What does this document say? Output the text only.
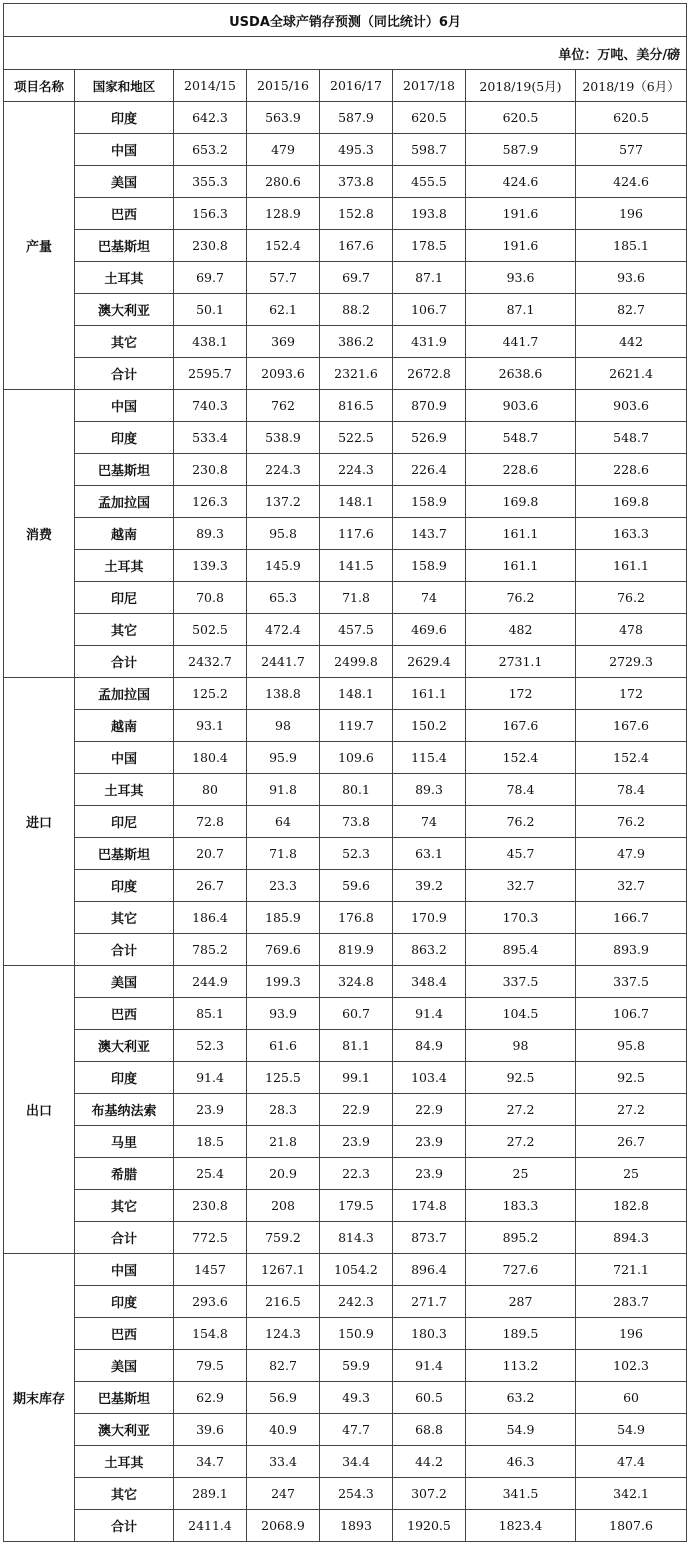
USDA全球产销存预测（同比统计）6月							
单位：万吨、美分/磅							
项目名称	国家和地区	2014/15	2015/16	2016/17	2017/18	2018/19(5月)	2018/19（6月）
产量	印度	642.3	563.9	587.9	620.5	620.5	620.5
	中国	653.2	479	495.3	598.7	587.9	577
	美国	355.3	280.6	373.8	455.5	424.6	424.6
	巴西	156.3	128.9	152.8	193.8	191.6	196
	巴基斯坦	230.8	152.4	167.6	178.5	191.6	185.1
	土耳其	69.7	57.7	69.7	87.1	93.6	93.6
	澳大利亚	50.1	62.1	88.2	106.7	87.1	82.7
	其它	438.1	369	386.2	431.9	441.7	442
	合计	2595.7	2093.6	2321.6	2672.8	2638.6	2621.4
消费	中国	740.3	762	816.5	870.9	903.6	903.6
	印度	533.4	538.9	522.5	526.9	548.7	548.7
	巴基斯坦	230.8	224.3	224.3	226.4	228.6	228.6
	孟加拉国	126.3	137.2	148.1	158.9	169.8	169.8
	越南	89.3	95.8	117.6	143.7	161.1	163.3
	土耳其	139.3	145.9	141.5	158.9	161.1	161.1
	印尼	70.8	65.3	71.8	74	76.2	76.2
	其它	502.5	472.4	457.5	469.6	482	478
	合计	2432.7	2441.7	2499.8	2629.4	2731.1	2729.3
进口	孟加拉国	125.2	138.8	148.1	161.1	172	172
	越南	93.1	98	119.7	150.2	167.6	167.6
	中国	180.4	95.9	109.6	115.4	152.4	152.4
	土耳其	80	91.8	80.1	89.3	78.4	78.4
	印尼	72.8	64	73.8	74	76.2	76.2
	巴基斯坦	20.7	71.8	52.3	63.1	45.7	47.9
	印度	26.7	23.3	59.6	39.2	32.7	32.7
	其它	186.4	185.9	176.8	170.9	170.3	166.7
	合计	785.2	769.6	819.9	863.2	895.4	893.9
出口	美国	244.9	199.3	324.8	348.4	337.5	337.5
	巴西	85.1	93.9	60.7	91.4	104.5	106.7
	澳大利亚	52.3	61.6	81.1	84.9	98	95.8
	印度	91.4	125.5	99.1	103.4	92.5	92.5
	布基纳法索	23.9	28.3	22.9	22.9	27.2	27.2
	马里	18.5	21.8	23.9	23.9	27.2	26.7
	希腊	25.4	20.9	22.3	23.9	25	25
	其它	230.8	208	179.5	174.8	183.3	182.8
	合计	772.5	759.2	814.3	873.7	895.2	894.3
期末库存	中国	1457	1267.1	1054.2	896.4	727.6	721.1
	印度	293.6	216.5	242.3	271.7	287	283.7
	巴西	154.8	124.3	150.9	180.3	189.5	196
	美国	79.5	82.7	59.9	91.4	113.2	102.3
	巴基斯坦	62.9	56.9	49.3	60.5	63.2	60
	澳大利亚	39.6	40.9	47.7	68.8	54.9	54.9
	土耳其	34.7	33.4	34.4	44.2	46.3	47.4
	其它	289.1	247	254.3	307.2	341.5	342.1
	合计	2411.4	2068.9	1893	1920.5	1823.4	1807.6
